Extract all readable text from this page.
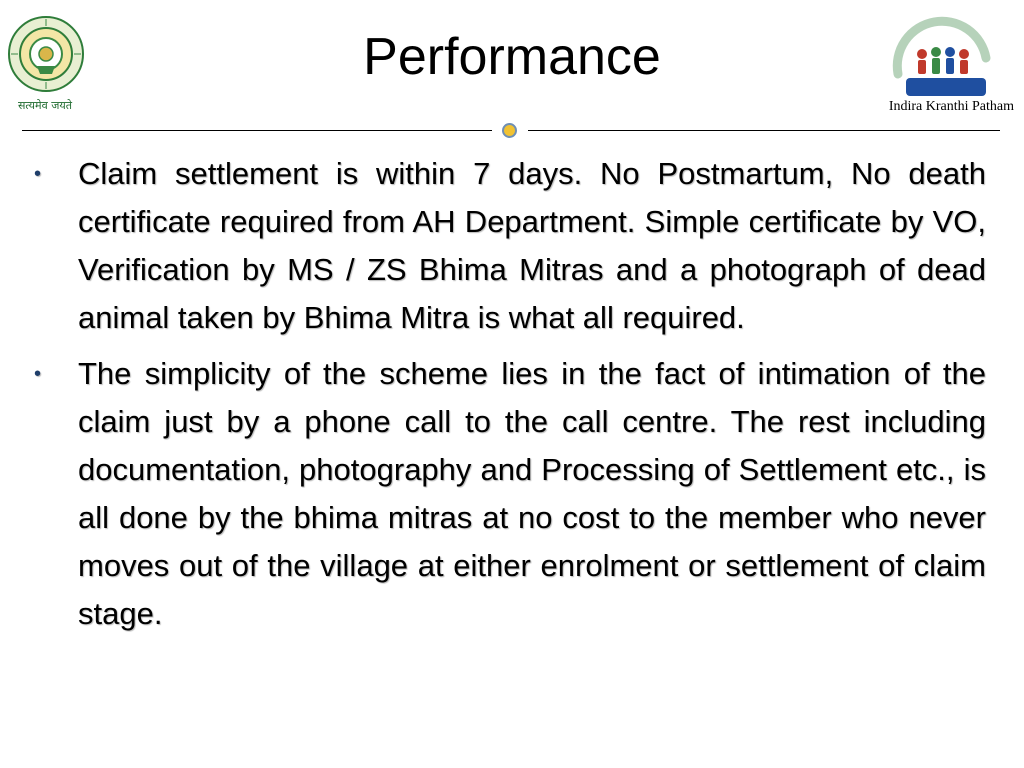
Performance
सत्यमेव जयते	Indira Kranthi Patham

• Claim settlement is within 7 days. No Postmartum, No death certificate required from AH Department. Simple certificate by VO, Verification by MS / ZS Bhima Mitras and a photograph of dead animal taken by Bhima Mitra is what all required.

• The simplicity of the scheme lies in the fact of intimation of the claim just by a phone call to the call centre. The rest including documentation, photography and Processing of Settlement etc., is all done by the bhima mitras at no cost to the member who never moves out of the village at either enrolment or settlement of claim stage.
